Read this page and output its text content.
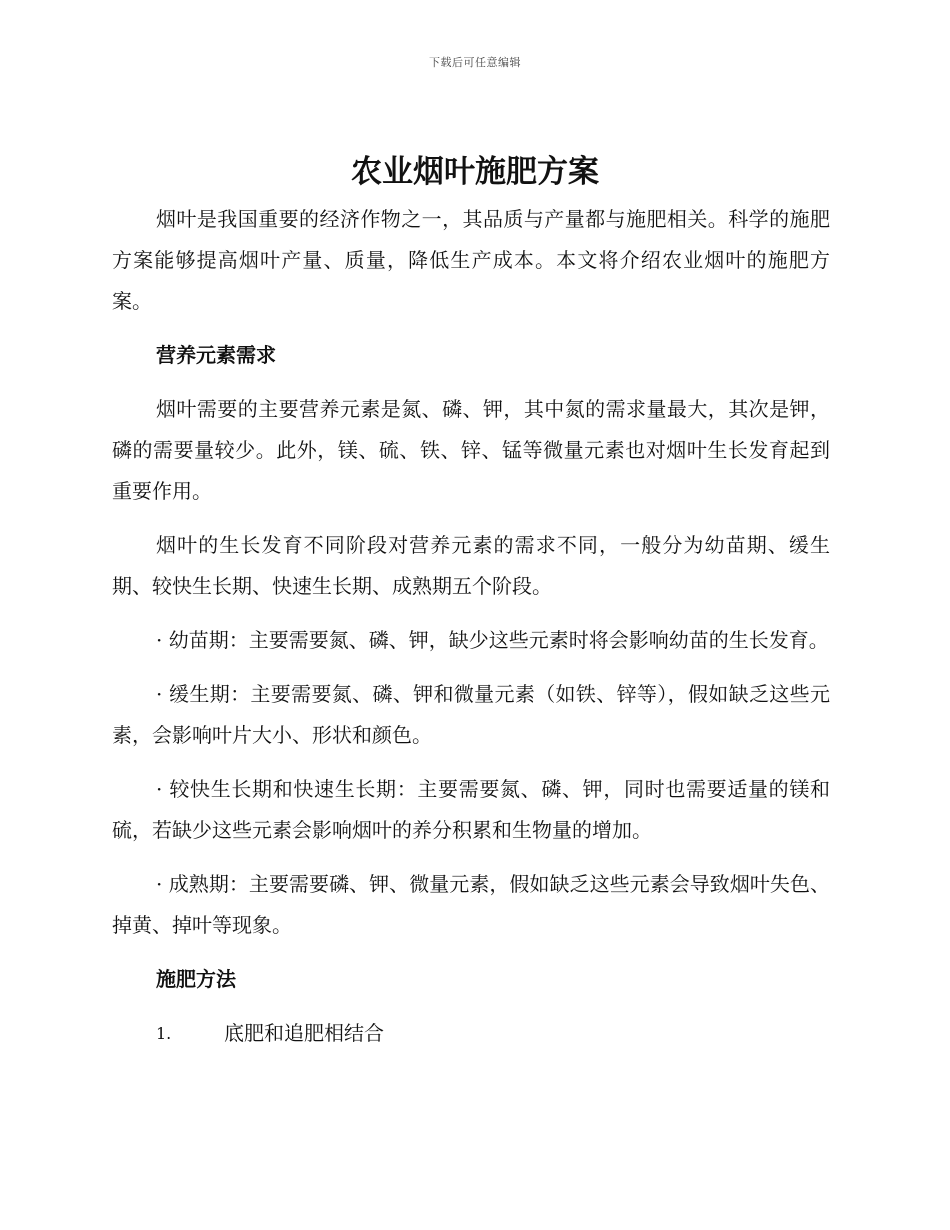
下载后可任意编辑
农业烟叶施肥方案

烟叶是我国重要的经济作物之一，其品质与产量都与施肥相关。科学的施肥方案能够提高烟叶产量、质量，降低生产成本。本文将介绍农业烟叶的施肥方案。

营养元素需求

烟叶需要的主要营养元素是氮、磷、钾，其中氮的需求量最大，其次是钾，磷的需要量较少。此外，镁、硫、铁、锌、锰等微量元素也对烟叶生长发育起到重要作用。

烟叶的生长发育不同阶段对营养元素的需求不同，一般分为幼苗期、缓生期、较快生长期、快速生长期、成熟期五个阶段。

· 幼苗期：主要需要氮、磷、钾，缺少这些元素时将会影响幼苗的生长发育。

· 缓生期：主要需要氮、磷、钾和微量元素（如铁、锌等），假如缺乏这些元素，会影响叶片大小、形状和颜色。

· 较快生长期和快速生长期：主要需要氮、磷、钾，同时也需要适量的镁和硫，若缺少这些元素会影响烟叶的养分积累和生物量的增加。

· 成熟期：主要需要磷、钾、微量元素，假如缺乏这些元素会导致烟叶失色、掉黄、掉叶等现象。

施肥方法
1.	底肥和追肥相结合
